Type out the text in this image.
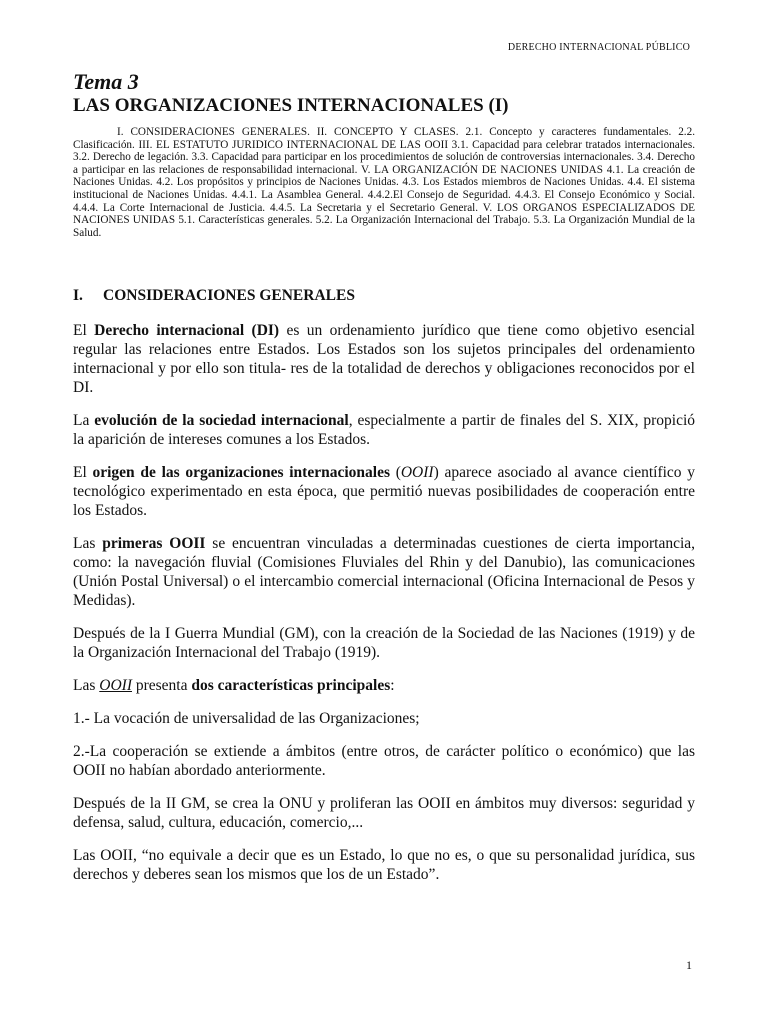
DERECHO INTERNACIONAL PÚBLICO
Tema 3
LAS ORGANIZACIONES INTERNACIONALES (I)

I. CONSIDERACIONES GENERALES. II. CONCEPTO Y CLASES. 2.1. Concepto y caracteres fundamentales. 2.2. Clasificación. III. EL ESTATUTO JURIDICO INTERNACIONAL DE LAS OOII 3.1. Capacidad para celebrar tratados internacionales. 3.2. Derecho de legación. 3.3. Capacidad para participar en los procedimientos de solución de controversias internacionales. 3.4. Derecho a participar en las relaciones de responsabilidad internacional. V. LA ORGANIZACIÓN DE NACIONES UNIDAS 4.1. La creación de Naciones Unidas. 4.2. Los propósitos y principios de Naciones Unidas. 4.3. Los Estados miembros de Naciones Unidas. 4.4. El sistema institucional de Naciones Unidas. 4.4.1. La Asamblea General. 4.4.2.El Consejo de Seguridad. 4.4.3. El Consejo Económico y Social. 4.4.4. La Corte Internacional de Justicia. 4.4.5. La Secretaria y el Secretario General. V. LOS ORGANOS ESPECIALIZADOS DE NACIONES UNIDAS 5.1. Características generales. 5.2. La Organización Internacional del Trabajo. 5.3. La Organización Mundial de la Salud.

I.	CONSIDERACIONES GENERALES

El Derecho internacional (DI) es un ordenamiento jurídico que tiene como objetivo esencial regular las relaciones entre Estados. Los Estados son los sujetos principales del ordenamiento internacional y por ello son titula- res de la totalidad de derechos y obligaciones reconocidos por el DI.

La evolución de la sociedad internacional, especialmente a partir de finales del S. XIX, propició la aparición de intereses comunes a los Estados.

El origen de las organizaciones internacionales (OOII) aparece asociado al avance científico y tecnológico experimentado en esta época, que permitió nuevas posibilidades de cooperación entre los Estados.

Las primeras OOII se encuentran vinculadas a determinadas cuestiones de cierta importancia, como: la navegación fluvial (Comisiones Fluviales del Rhin y del Danubio), las comunicaciones (Unión Postal Universal) o el intercambio comercial internacional (Oficina Internacional de Pesos y Medidas).

Después de la I Guerra Mundial (GM), con la creación de la Sociedad de las Naciones (1919) y de la Organización Internacional del Trabajo (1919).

Las OOII presenta dos características principales:

1.- La vocación de universalidad de las Organizaciones;

2.-La cooperación se extiende a ámbitos (entre otros, de carácter político o económico) que las OOII no habían abordado anteriormente.

Después de la II GM, se crea la ONU y proliferan las OOII en ámbitos muy diversos: seguridad y defensa, salud, cultura, educación, comercio,...

Las OOII, “no equivale a decir que es un Estado, lo que no es, o que su personalidad jurídica, sus derechos y deberes sean los mismos que los de un Estado”.

1
